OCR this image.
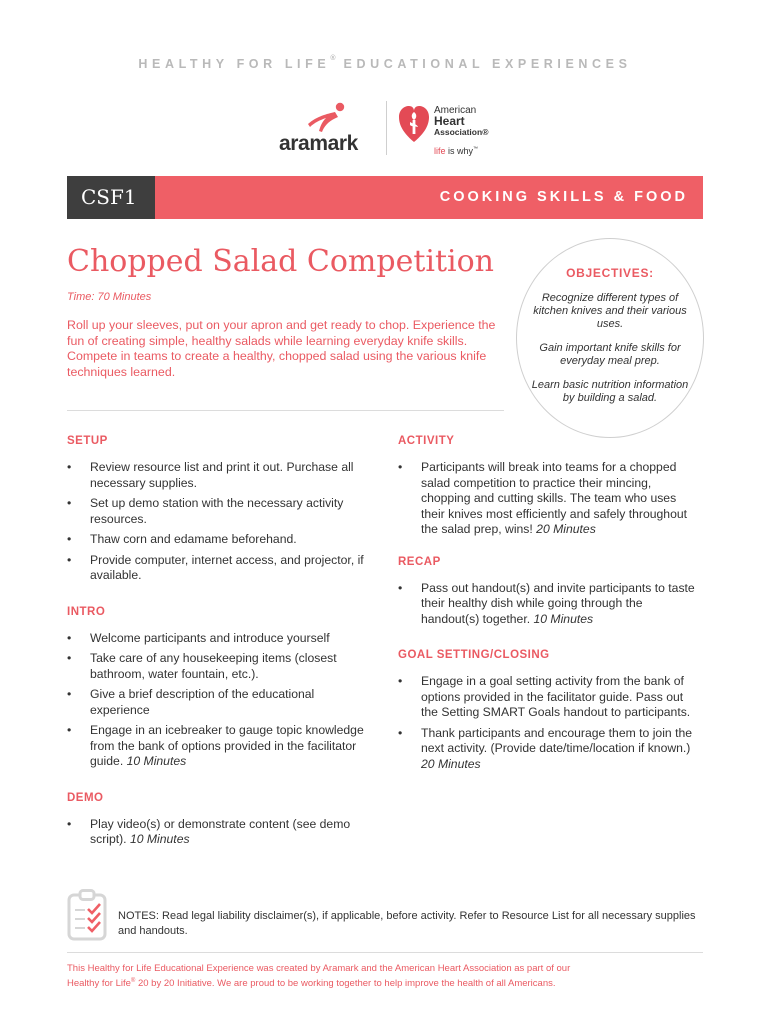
HEALTHY FOR LIFE® EDUCATIONAL EXPERIENCES
aramark
American
Heart
Association®
life is why™
CSF1	COOKING SKILLS & FOOD
Chopped Salad Competition
Time: 70 Minutes
Roll up your sleeves, put on your apron and get ready to chop. Experience the fun of creating simple, healthy salads while learning everyday knife skills. Compete in teams to create a healthy, chopped salad using the various knife techniques learned.
OBJECTIVES:
Recognize different types of kitchen knives and their various uses.
Gain important knife skills for everyday meal prep.
Learn basic nutrition information by building a salad.
SETUP
• Review resource list and print it out. Purchase all necessary supplies.
• Set up demo station with the necessary activity resources.
• Thaw corn and edamame beforehand.
• Provide computer, internet access, and projector, if available.
INTRO
• Welcome participants and introduce yourself
• Take care of any housekeeping items (closest bathroom, water fountain, etc.).
• Give a brief description of the educational experience
• Engage in an icebreaker to gauge topic knowledge from the bank of options provided in the facilitator guide. 10 Minutes
DEMO
• Play video(s) or demonstrate content (see demo script). 10 Minutes
ACTIVITY
• Participants will break into teams for a chopped salad competition to practice their mincing, chopping and cutting skills. The team who uses their knives most efficiently and safely throughout the salad prep, wins! 20 Minutes
RECAP
• Pass out handout(s) and invite participants to taste their healthy dish while going through the handout(s) together. 10 Minutes
GOAL SETTING/CLOSING
• Engage in a goal setting activity from the bank of options provided in the facilitator guide. Pass out the Setting SMART Goals handout to participants.
• Thank participants and encourage them to join the next activity. (Provide date/time/location if known.) 20 Minutes
NOTES: Read legal liability disclaimer(s), if applicable, before activity. Refer to Resource List for all necessary supplies and handouts.
This Healthy for Life Educational Experience was created by Aramark and the American Heart Association as part of our
Healthy for Life® 20 by 20 Initiative. We are proud to be working together to help improve the health of all Americans.
